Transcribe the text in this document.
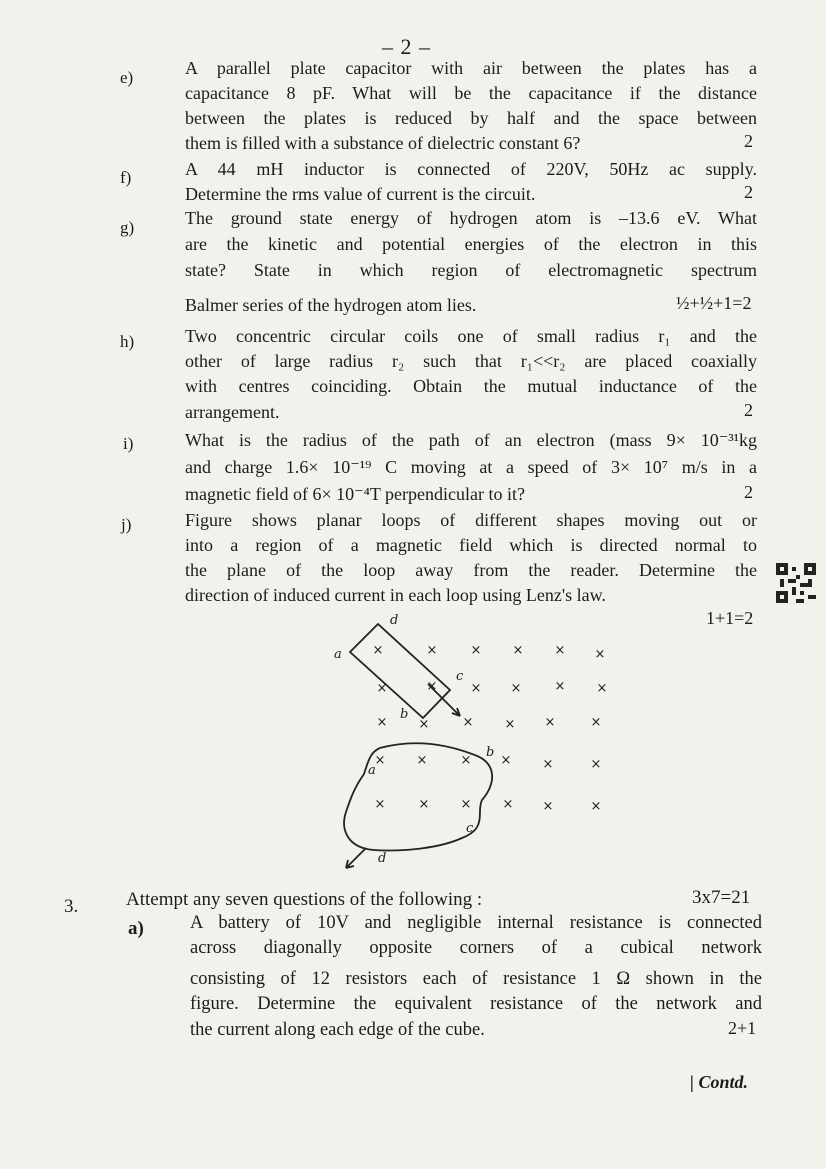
– 2 –
e)	A parallel plate capacitor with air between the plates has a
capacitance 8 pF. What will be the capacitance if the distance
between the plates is reduced by half and the space between
them is filled with a substance of dielectric constant 6?	2
f)	A 44 mH inductor is connected of 220V, 50Hz ac supply.
Determine the rms value of current is the circuit.	2
g)	The ground state energy of hydrogen atom is –13.6 eV. What
are the kinetic and potential energies of the electron in this
state? State in which region of electromagnetic spectrum
Balmer series of the hydrogen atom lies.	½+½+1=2
h)	Two concentric circular coils one of small radius r₁ and the
other of large radius r₂ such that r₁<<r₂ are placed coaxially
with centres coinciding. Obtain the mutual inductance of the
arrangement.	2
i)	What is the radius of the path of an electron (mass 9× 10⁻³¹kg
and charge 1.6× 10⁻¹⁹ C moving at a speed of 3× 10⁷ m/s in a
magnetic field of 6× 10⁻⁴T perpendicular to it?	2
j)	Figure shows planar loops of different shapes moving out or
into a region of a magnetic field which is directed normal to
the plane of the loop away from the reader. Determine the
direction of induced current in each loop using Lenz's law.
1+1=2
×	×	× × × ×
×	×	× ×	× ×
× ×	× × ×	×
× ×	× × ×	×
×	× × × ×	×
d
a
c
b
b
a
c
d
3.	Attempt any seven questions of the following :	3x7=21
a) A battery of 10V and negligible internal resistance is connected
across diagonally opposite corners of a cubical network
consisting of 12 resistors each of resistance 1 Ω shown in the
figure. Determine the equivalent resistance of the network and
the current along each edge of the cube.	2+1
| Contd.
